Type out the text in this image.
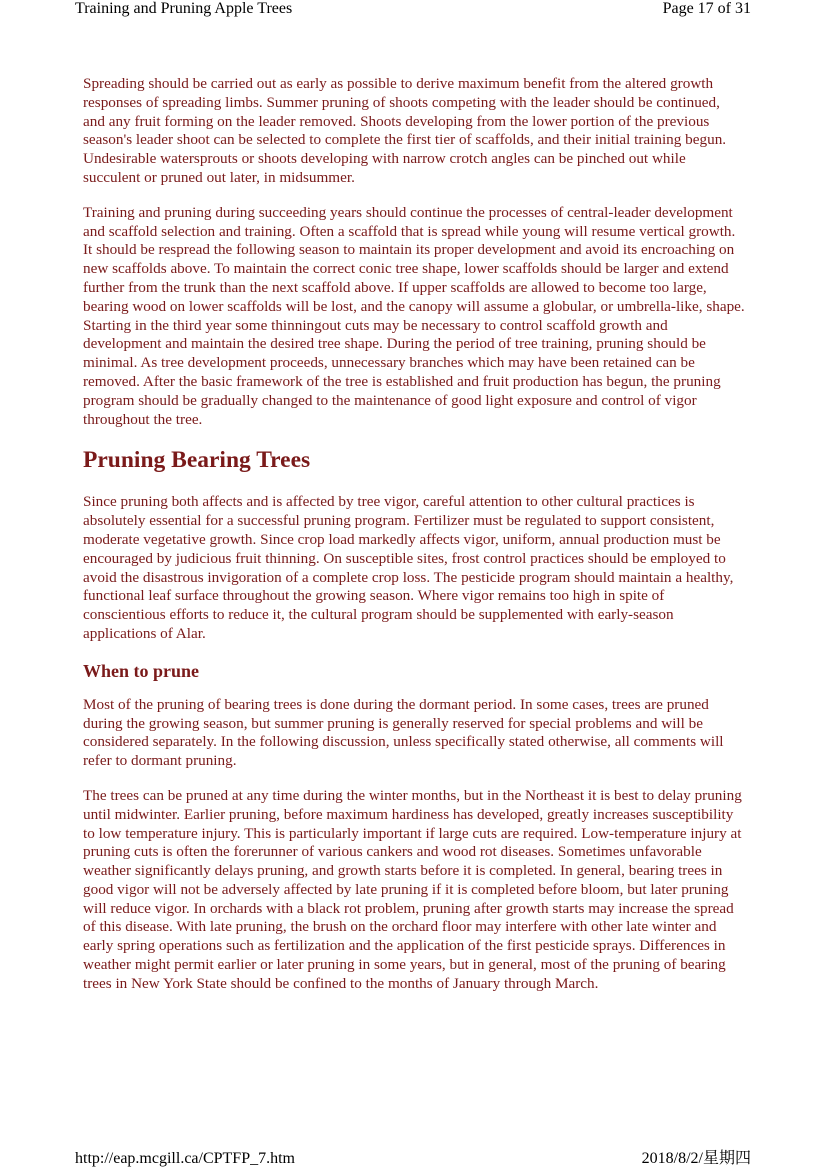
Training and Pruning Apple Trees	Page 17 of 31

Spreading should be carried out as early as possible to derive maximum benefit from the altered growth responses of spreading limbs. Summer pruning of shoots competing with the leader should be continued, and any fruit forming on the leader removed. Shoots developing from the lower portion of the previous season's leader shoot can be selected to complete the first tier of scaffolds, and their initial training begun. Undesirable watersprouts or shoots developing with narrow crotch angles can be pinched out while succulent or pruned out later, in midsummer.

Training and pruning during succeeding years should continue the processes of central-leader development and scaffold selection and training. Often a scaffold that is spread while young will resume vertical growth. It should be respread the following season to maintain its proper development and avoid its encroaching on new scaffolds above. To maintain the correct conic tree shape, lower scaffolds should be larger and extend further from the trunk than the next scaffold above. If upper scaffolds are allowed to become too large, bearing wood on lower scaffolds will be lost, and the canopy will assume a globular, or umbrella-like, shape. Starting in the third year some thinningout cuts may be necessary to control scaffold growth and development and maintain the desired tree shape. During the period of tree training, pruning should be minimal. As tree development proceeds, unnecessary branches which may have been retained can be removed. After the basic framework of the tree is established and fruit production has begun, the pruning program should be gradually changed to the maintenance of good light exposure and control of vigor throughout the tree.

Pruning Bearing Trees

Since pruning both affects and is affected by tree vigor, careful attention to other cultural practices is absolutely essential for a successful pruning program. Fertilizer must be regulated to support consistent, moderate vegetative growth. Since crop load markedly affects vigor, uniform, annual production must be encouraged by judicious fruit thinning. On susceptible sites, frost control practices should be employed to avoid the disastrous invigoration of a complete crop loss. The pesticide program should maintain a healthy, functional leaf surface throughout the growing season. Where vigor remains too high in spite of conscientious efforts to reduce it, the cultural program should be supplemented with early-season applications of Alar.

When to prune

Most of the pruning of bearing trees is done during the dormant period. In some cases, trees are pruned during the growing season, but summer pruning is generally reserved for special problems and will be considered separately. In the following discussion, unless specifically stated otherwise, all comments will refer to dormant pruning.

The trees can be pruned at any time during the winter months, but in the Northeast it is best to delay pruning until midwinter. Earlier pruning, before maximum hardiness has developed, greatly increases susceptibility to low temperature injury. This is particularly important if large cuts are required. Low-temperature injury at pruning cuts is often the forerunner of various cankers and wood rot diseases. Sometimes unfavorable weather significantly delays pruning, and growth starts before it is completed. In general, bearing trees in good vigor will not be adversely affected by late pruning if it is completed before bloom, but later pruning will reduce vigor. In orchards with a black rot problem, pruning after growth starts may increase the spread of this disease. With late pruning, the brush on the orchard floor may interfere with other late winter and early spring operations such as fertilization and the application of the first pesticide sprays. Differences in weather might permit earlier or later pruning in some years, but in general, most of the pruning of bearing trees in New York State should be confined to the months of January through March.

http://eap.mcgill.ca/CPTFP_7.htm	2018/8/2/星期四
